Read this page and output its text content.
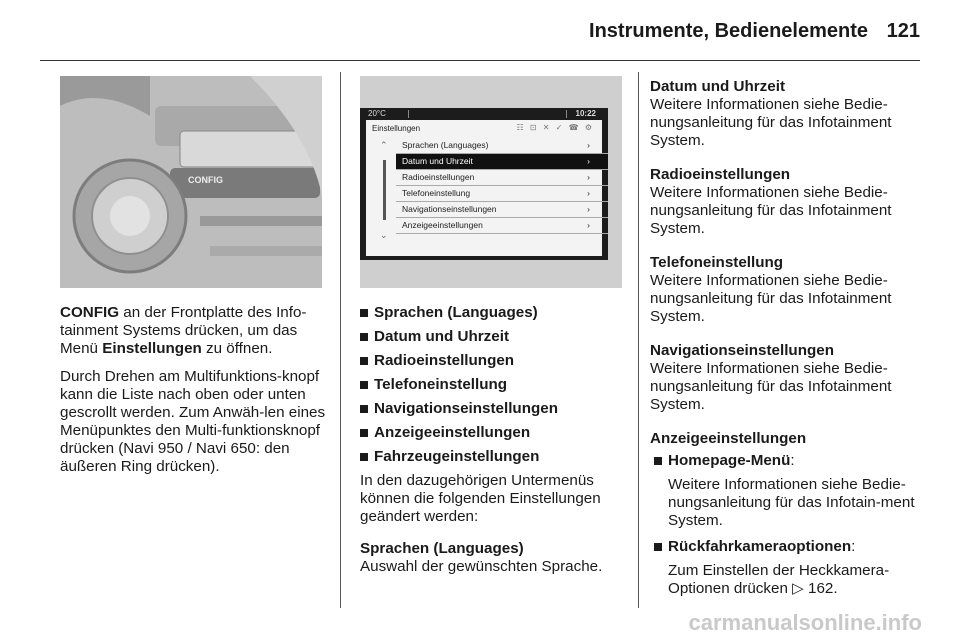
Instrumente, Bedienelemente 121
CONFIG

CONFIG an der Frontplatte des Info-tainment Systems drücken, um das Menü Einstellungen zu öffnen.

Durch Drehen am Multifunktions-knopf kann die Liste nach oben oder unten gescrollt werden. Zum Anwäh-len eines Menüpunktes den Multi-funktionsknopf drücken (Navi 950 / Navi 650: den äußeren Ring drücken).

20°C	10:22
Einstellungen	☷ ⊡ ✕ ✓ ☎ ⚙
⌃
⌄
Sprachen (Languages)	›
Datum und Uhrzeit	›
Radioeinstellungen	›
Telefoneinstellung	›
Navigationseinstellungen	›
Anzeigeeinstellungen	›
Sprachen (Languages)
Datum und Uhrzeit
Radioeinstellungen
Telefoneinstellung
Navigationseinstellungen
Anzeigeeinstellungen
Fahrzeugeinstellungen

In den dazugehörigen Untermenüs können die folgenden Einstellungen geändert werden:

Sprachen (Languages)
Auswahl der gewünschten Sprache.

Datum und Uhrzeit
Weitere Informationen siehe Bedie-nungsanleitung für das Infotainment System.

Radioeinstellungen
Weitere Informationen siehe Bedie-nungsanleitung für das Infotainment System.

Telefoneinstellung
Weitere Informationen siehe Bedie-nungsanleitung für das Infotainment System.

Navigationseinstellungen
Weitere Informationen siehe Bedie-nungsanleitung für das Infotainment System.

Anzeigeeinstellungen
Homepage-Menü:
Weitere Informationen siehe Bedie-nungsanleitung für das Infotain-ment System.
Rückfahrkameraoptionen:
Zum Einstellen der Heckkamera-Optionen drücken ▷ 162.
carmanualsonline.info
